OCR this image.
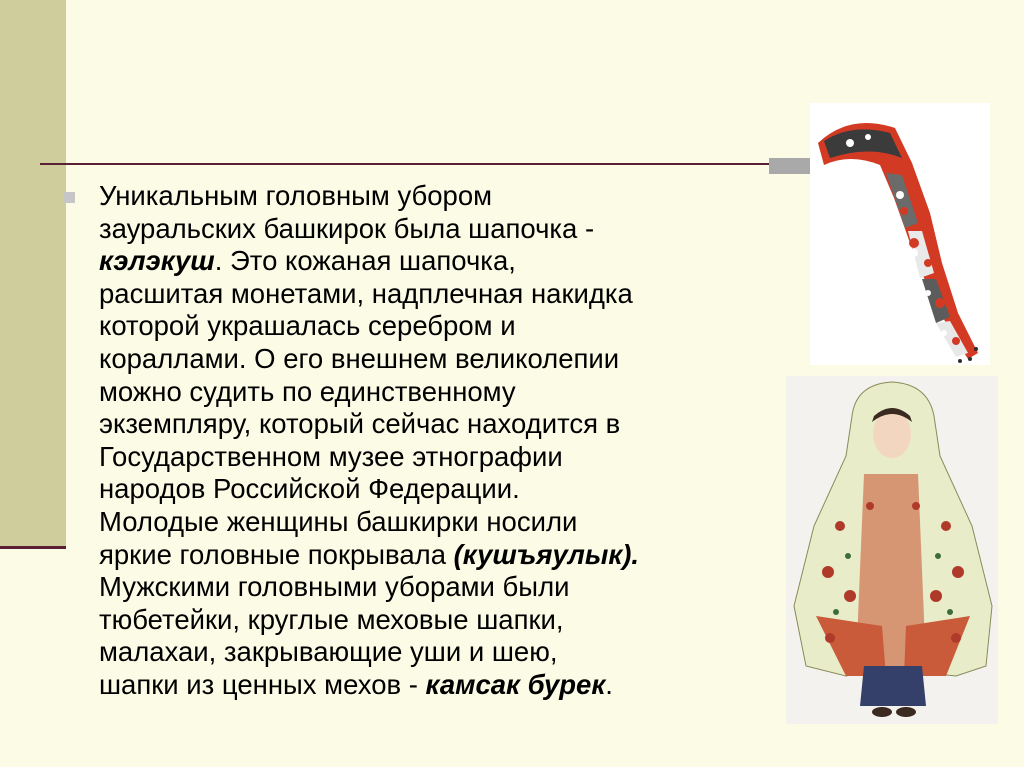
Уникальным головным убором
зауральских башкирок была шапочка -
кэлэкуш. Это кожаная шапочка,
расшитая монетами, надплечная накидка
которой украшалась серебром и
кораллами. О его внешнем великолепии
можно судить по единственному
экземпляру, который сейчас находится в
Государственном музее этнографии
народов Российской Федерации.
Молодые женщины башкирки носили
яркие головные покрывала (кушъяулык).
Мужскими головными уборами были
тюбетейки, круглые меховые шапки,
малахаи, закрывающие уши и шею,
шапки из ценных мехов - камсак бурек.
